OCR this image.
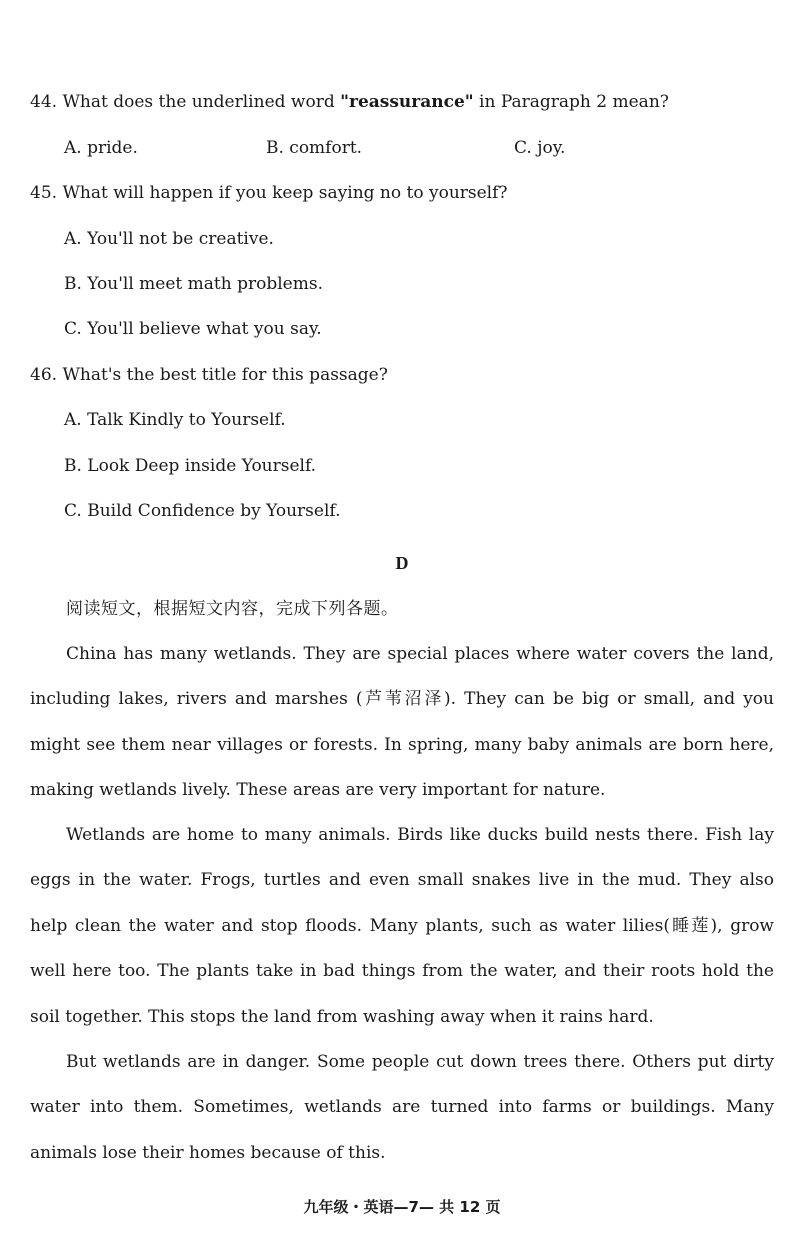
44. What does the underlined word "reassurance" in Paragraph 2 mean?
A. pride.	B. comfort.	C. joy.
45. What will happen if you keep saying no to yourself?
A. You'll not be creative.
B. You'll meet math problems.
C. You'll believe what you say.
46. What's the best title for this passage?
A. Talk Kindly to Yourself.
B. Look Deep inside Yourself.
C. Build Confidence by Yourself.
D
阅读短文，根据短文内容，完成下列各题。

China has many wetlands. They are special places where water covers the land, including lakes, rivers and marshes (芦苇沼泽). They can be big or small, and you might see them near villages or forests. In spring, many baby animals are born here, making wetlands lively. These areas are very important for nature.

Wetlands are home to many animals. Birds like ducks build nests there. Fish lay eggs in the water. Frogs, turtles and even small snakes live in the mud. They also help clean the water and stop floods. Many plants, such as water lilies(睡莲), grow well here too. The plants take in bad things from the water, and their roots hold the soil together. This stops the land from washing away when it rains hard.

But wetlands are in danger. Some people cut down trees there. Others put dirty water into them. Sometimes, wetlands are turned into farms or buildings. Many animals lose their homes because of this.

九年级・英语—7— 共 12 页
